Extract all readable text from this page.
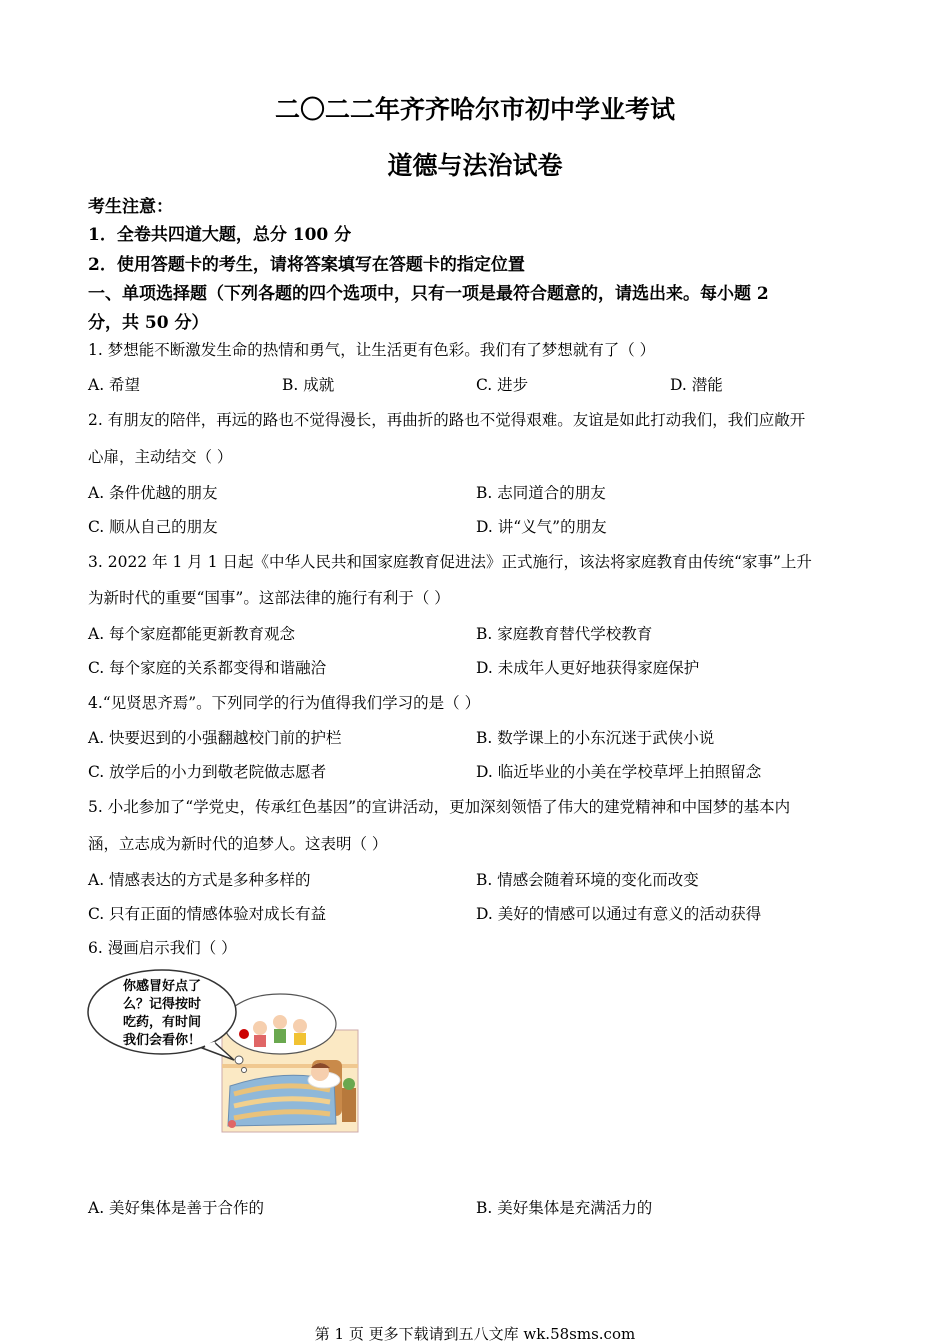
二〇二二年齐齐哈尔市初中学业考试
道德与法治试卷
考生注意：
1．全卷共四道大题，总分 100 分
2．使用答题卡的考生，请将答案填写在答题卡的指定位置
一、单项选择题（下列各题的四个选项中，只有一项是最符合题意的，请选出来。每小题 2
分，共 50 分）
1. 梦想能不断激发生命的热情和勇气，让生活更有色彩。我们有了梦想就有了（ ）
A. 希望	B. 成就	C. 进步	D. 潜能
2. 有朋友的陪伴，再远的路也不觉得漫长，再曲折的路也不觉得艰难。友谊是如此打动我们，我们应敞开
心扉，主动结交（ ）
A. 条件优越的朋友	B. 志同道合的朋友
C. 顺从自己的朋友	D. 讲“义气”的朋友
3. 2022 年 1 月 1 日起《中华人民共和国家庭教育促进法》正式施行，该法将家庭教育由传统“家事”上升
为新时代的重要“国事”。这部法律的施行有利于（ ）
A. 每个家庭都能更新教育观念	B. 家庭教育替代学校教育
C. 每个家庭的关系都变得和谐融洽	D. 未成年人更好地获得家庭保护
4.“见贤思齐焉”。下列同学的行为值得我们学习的是（ ）
A. 快要迟到的小强翻越校门前的护栏	B. 数学课上的小东沉迷于武侠小说
C. 放学后的小力到敬老院做志愿者	D. 临近毕业的小美在学校草坪上拍照留念
5. 小北参加了“学党史，传承红色基因”的宣讲活动，更加深刻领悟了伟大的建党精神和中国梦的基本内
涵，立志成为新时代的追梦人。这表明（ ）
A. 情感表达的方式是多种多样的	B. 情感会随着环境的变化而改变
C. 只有正面的情感体验对成长有益	D. 美好的情感可以通过有意义的活动获得
6. 漫画启示我们（ ）
你感冒好点了
么？记得按时
吃药，有时间
我们会看你！
A. 美好集体是善于合作的	B. 美好集体是充满活力的
第 1 页 更多下载请到五八文库 wk.58sms.com
